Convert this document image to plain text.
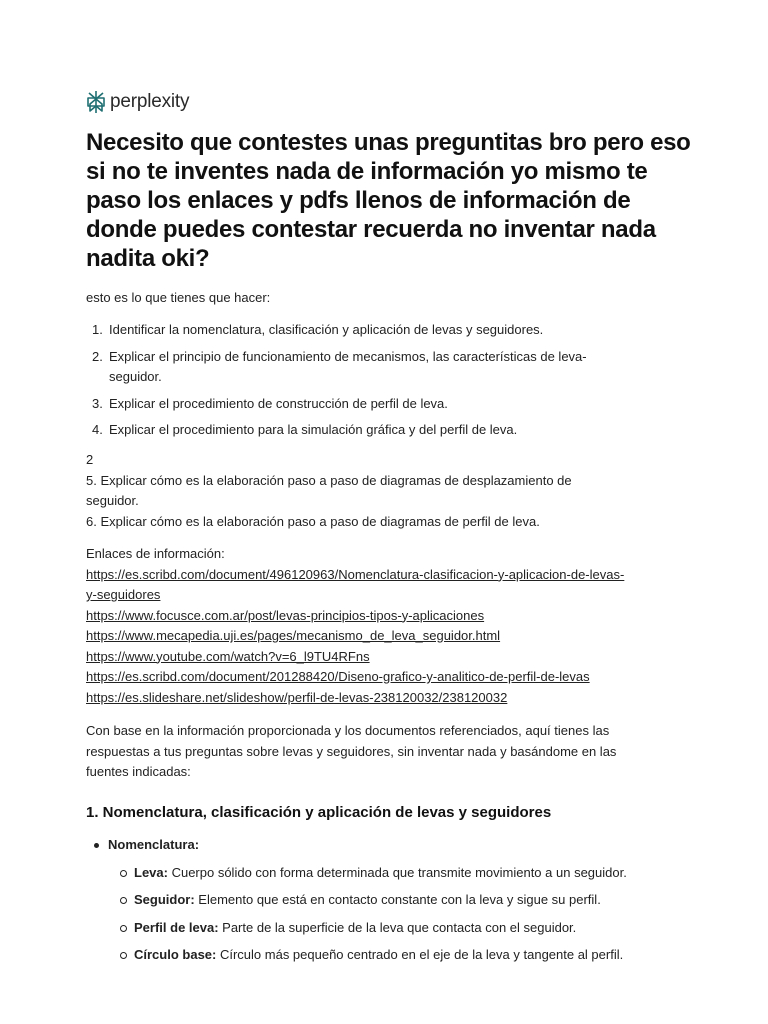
perplexity
Necesito que contestes unas preguntitas bro pero eso si no te inventes nada de información yo mismo te paso los enlaces y pdfs llenos de información de donde puedes contestar recuerda no inventar nada nadita oki?

esto es lo que tienes que hacer:

1. Identificar la nomenclatura, clasificación y aplicación de levas y seguidores.
2. Explicar el principio de funcionamiento de mecanismos, las características de leva-
seguidor.
3. Explicar el procedimiento de construcción de perfil de leva.
4. Explicar el procedimiento para la simulación gráfica y del perfil de leva.
2
5. Explicar cómo es la elaboración paso a paso de diagramas de desplazamiento de
seguidor.
6. Explicar cómo es la elaboración paso a paso de diagramas de perfil de leva.
Enlaces de información:
https://es.scribd.com/document/496120963/Nomenclatura-clasificacion-y-aplicacion-de-levas-
y-seguidores
https://www.focusce.com.ar/post/levas-principios-tipos-y-aplicaciones
https://www.mecapedia.uji.es/pages/mecanismo_de_leva_seguidor.html
https://www.youtube.com/watch?v=6_l9TU4RFns
https://es.scribd.com/document/201288420/Diseno-grafico-y-analitico-de-perfil-de-levas
https://es.slideshare.net/slideshow/perfil-de-levas-238120032/238120032
Con base en la información proporcionada y los documentos referenciados, aquí tienes las
respuestas a tus preguntas sobre levas y seguidores, sin inventar nada y basándome en las
fuentes indicadas:
1. Nomenclatura, clasificación y aplicación de levas y seguidores
Nomenclatura:
Leva: Cuerpo sólido con forma determinada que transmite movimiento a un seguidor.
Seguidor: Elemento que está en contacto constante con la leva y sigue su perfil.
Perfil de leva: Parte de la superficie de la leva que contacta con el seguidor.
Círculo base: Círculo más pequeño centrado en el eje de la leva y tangente al perfil.
